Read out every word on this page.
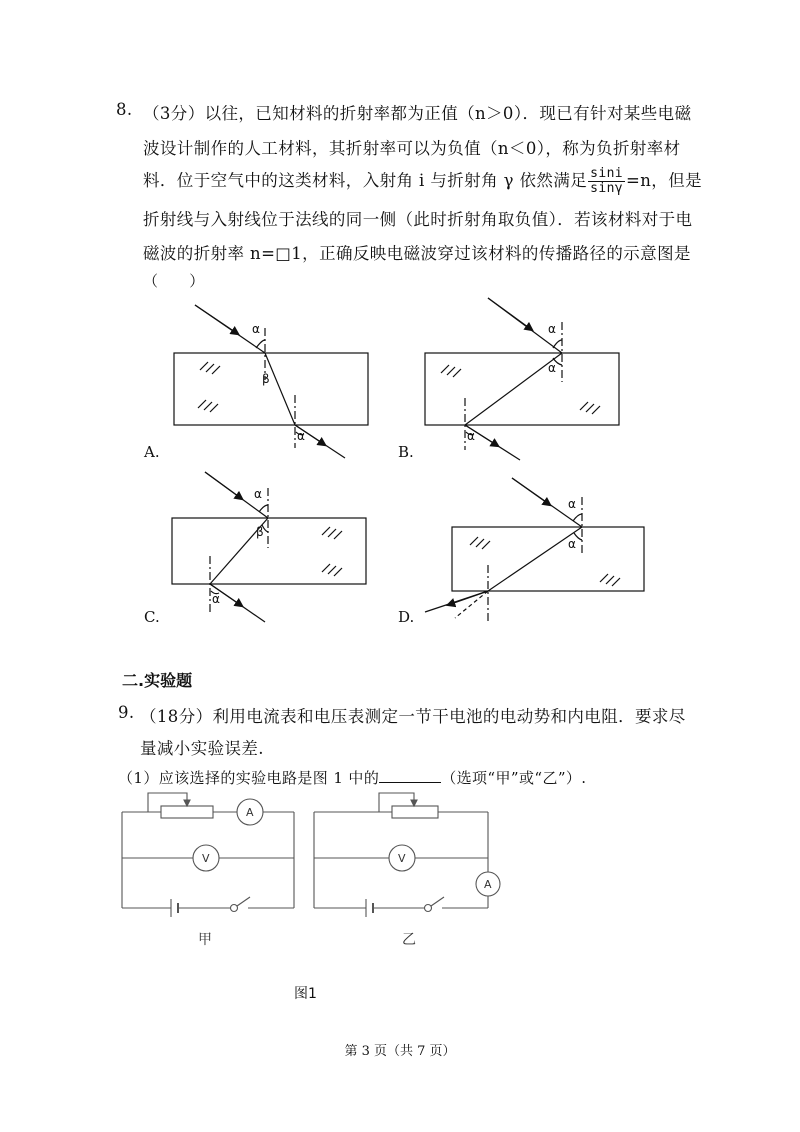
8. （3分）以往，已知材料的折射率都为正值（n＞0）．现已有针对某些电磁
波设计制作的人工材料，其折射率可以为负值（n＜0），称为负折射率材
料．位于空气中的这类材料，入射角 i 与折射角 γ 依然满足 $\frac{\sin i}{\sin\gamma} =n$，但是
折射线与入射线位于法线的同一侧（此时折射角取负值）．若该材料对于电
磁波的折射率 n=□1，正确反映电磁波穿过该材料的传播路径的示意图是
（　　）
α
β
α
α
α
α
α
β
α
α
α
A.	B.
C.	D.
二.实验题
9. （18分）利用电流表和电压表测定一节干电池的电动势和内电阻．要求尽
量减小实验误差.
（1）应该选择的实验电路是图 1 中的	（选项“甲”或“乙”）.
A
V
A
V
甲	乙
图1
第 3 页（共 7 页）
